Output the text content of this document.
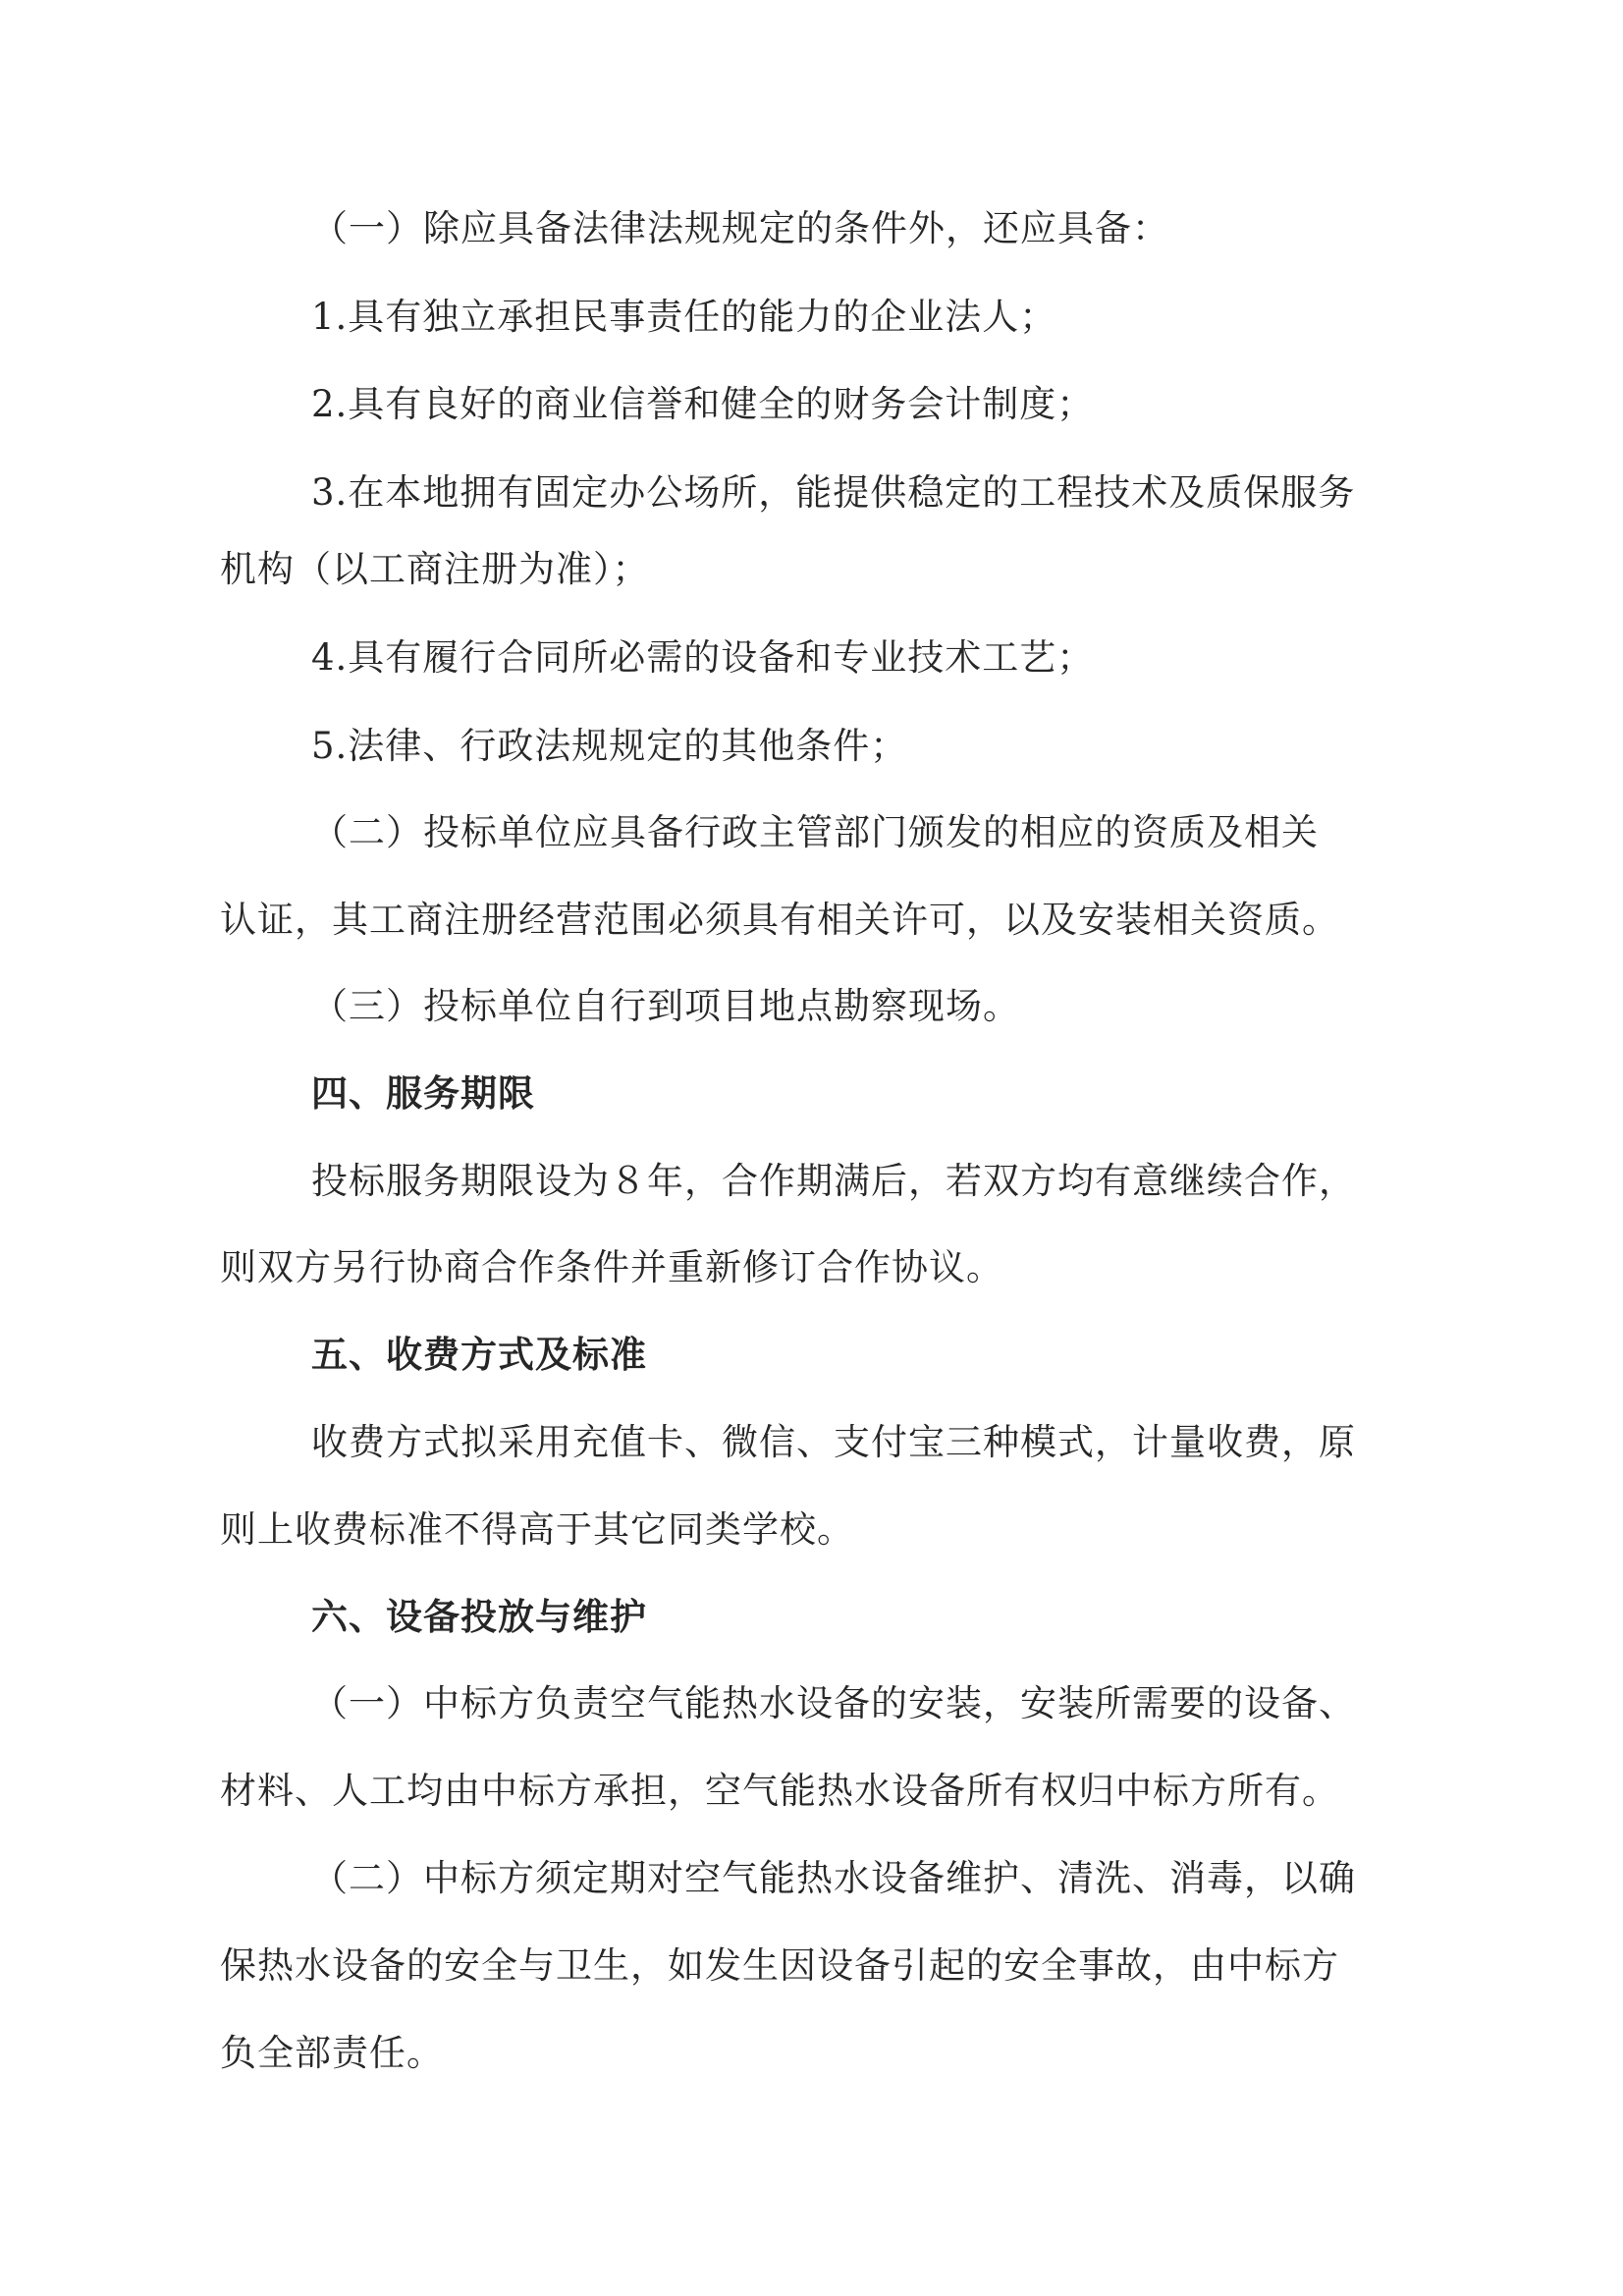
（一）除应具备法律法规规定的条件外，还应具备：
1.具有独立承担民事责任的能力的企业法人；
2.具有良好的商业信誉和健全的财务会计制度；
3.在本地拥有固定办公场所，能提供稳定的工程技术及质保服务
机构（以工商注册为准）；
4.具有履行合同所必需的设备和专业技术工艺；
5.法律、行政法规规定的其他条件；
（二）投标单位应具备行政主管部门颁发的相应的资质及相关
认证，其工商注册经营范围必须具有相关许可，以及安装相关资质。
（三）投标单位自行到项目地点勘察现场。
四、服务期限
投标服务期限设为８年，合作期满后，若双方均有意继续合作，
则双方另行协商合作条件并重新修订合作协议。
五、收费方式及标准
收费方式拟采用充值卡、微信、支付宝三种模式，计量收费，原
则上收费标准不得高于其它同类学校。
六、设备投放与维护
（一）中标方负责空气能热水设备的安装，安装所需要的设备、
材料、人工均由中标方承担，空气能热水设备所有权归中标方所有。
（二）中标方须定期对空气能热水设备维护、清洗、消毒，以确
保热水设备的安全与卫生，如发生因设备引起的安全事故，由中标方
负全部责任。
